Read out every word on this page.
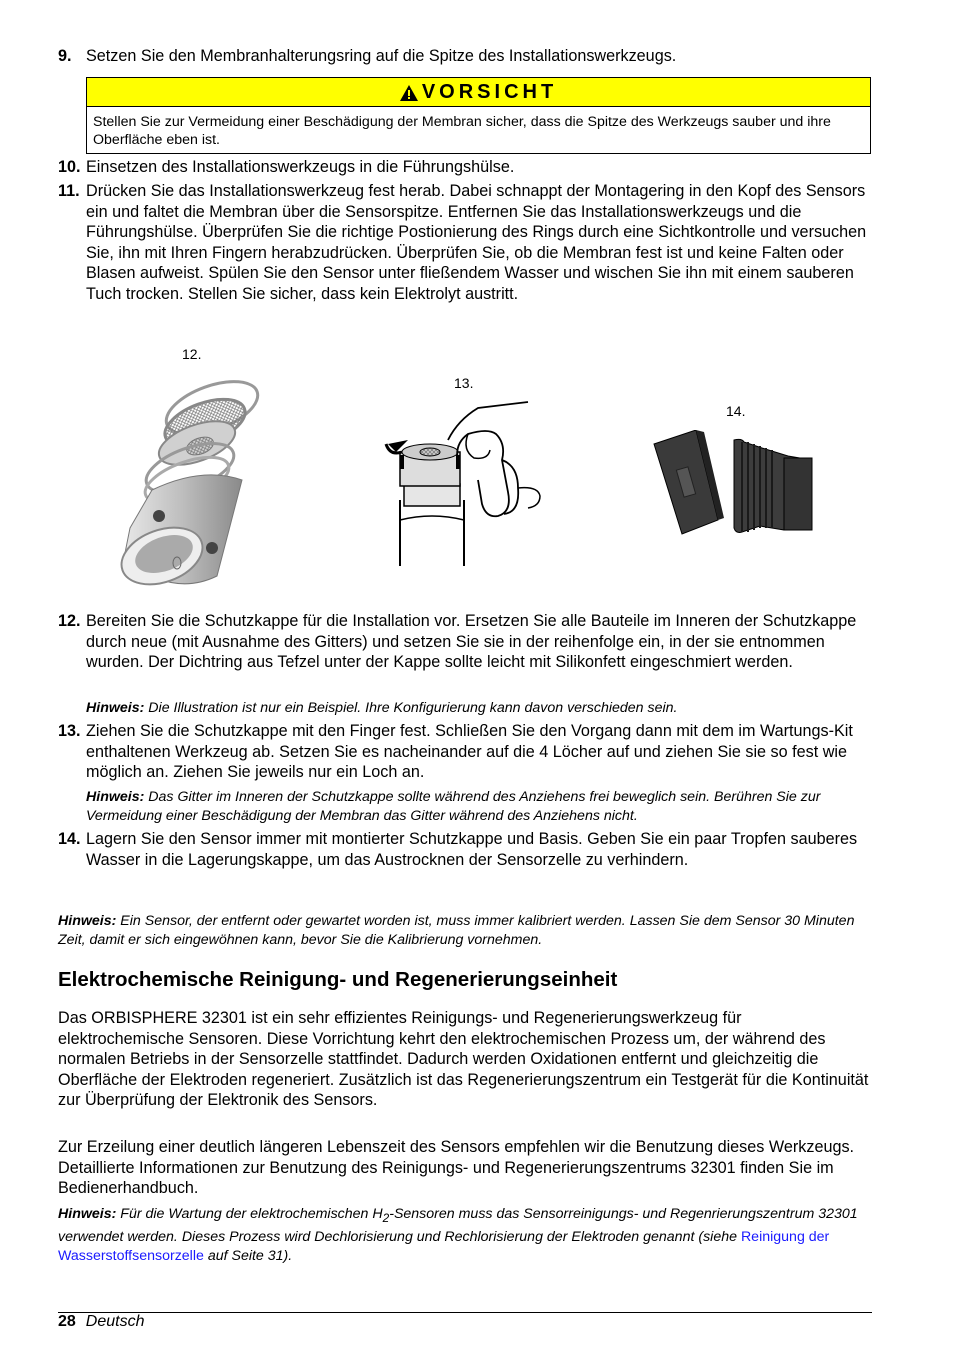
9. Setzen Sie den Membranhalterungsring auf die Spitze des Installationswerkzeugs.
VORSICHT
Stellen Sie zur Vermeidung einer Beschädigung der Membran sicher, dass die Spitze des Werkzeugs sauber und ihre Oberfläche eben ist.
10. Einsetzen des Installationswerkzeugs in die Führungshülse.
11. Drücken Sie das Installationswerkzeug fest herab. Dabei schnappt der Montagering in den Kopf des Sensors ein und faltet die Membran über die Sensorspitze. Entfernen Sie das Installationswerkzeugs und die Führungshülse. Überprüfen Sie die richtige Postionierung des Rings durch eine Sichtkontrolle und versuchen Sie, ihn mit Ihren Fingern herabzudrücken. Überprüfen Sie, ob die Membran fest ist und keine Falten oder Blasen aufweist. Spülen Sie den Sensor unter fließendem Wasser und wischen Sie ihn mit einem sauberen Tuch trocken. Stellen Sie sicher, dass kein Elektrolyt austritt.
12.
13.
14.
12. Bereiten Sie die Schutzkappe für die Installation vor. Ersetzen Sie alle Bauteile im Inneren der Schutzkappe durch neue (mit Ausnahme des Gitters) und setzen Sie sie in der reihenfolge ein, in der sie entnommen wurden. Der Dichtring aus Tefzel unter der Kappe sollte leicht mit Silikonfett eingeschmiert werden.
Hinweis: Die Illustration ist nur ein Beispiel. Ihre Konfigurierung kann davon verschieden sein.
13. Ziehen Sie die Schutzkappe mit den Finger fest. Schließen Sie den Vorgang dann mit dem im Wartungs-Kit enthaltenen Werkzeug ab. Setzen Sie es nacheinander auf die 4 Löcher auf und ziehen Sie sie so fest wie möglich an. Ziehen Sie jeweils nur ein Loch an.
Hinweis: Das Gitter im Inneren der Schutzkappe sollte während des Anziehens frei beweglich sein. Berühren Sie zur Vermeidung einer Beschädigung der Membran das Gitter während des Anziehens nicht.
14. Lagern Sie den Sensor immer mit montierter Schutzkappe und Basis. Geben Sie ein paar Tropfen sauberes Wasser in die Lagerungskappe, um das Austrocknen der Sensorzelle zu verhindern.
Hinweis: Ein Sensor, der entfernt oder gewartet worden ist, muss immer kalibriert werden. Lassen Sie dem Sensor 30 Minuten Zeit, damit er sich eingewöhnen kann, bevor Sie die Kalibrierung vornehmen.
Elektrochemische Reinigung- und Regenerierungseinheit
Das ORBISPHERE 32301 ist ein sehr effizientes Reinigungs- und Regenerierungswerkzeug für elektrochemische Sensoren. Diese Vorrichtung kehrt den elektrochemischen Prozess um, der während des normalen Betriebs in der Sensorzelle stattfindet. Dadurch werden Oxidationen entfernt und gleichzeitig die Oberfläche der Elektroden regeneriert. Zusätzlich ist das Regenerierungszentrum ein Testgerät für die Kontinuität zur Überprüfung der Elektronik des Sensors.
Zur Erzeilung einer deutlich längeren Lebenszeit des Sensors empfehlen wir die Benutzung dieses Werkzeugs. Detaillierte Informationen zur Benutzung des Reinigungs- und Regenerierungszentrums 32301 finden Sie im Bedienerhandbuch.
Hinweis: Für die Wartung der elektrochemischen $H_2$-Sensoren muss das Sensorreinigungs- und Regenrierungszentrum 32301 verwendet werden. Dieses Prozess wird Dechlorisierung und Rechlorisierung der Elektroden genannt (siehe Reinigung der Wasserstoffsensorzelle auf Seite 31).
28 Deutsch
